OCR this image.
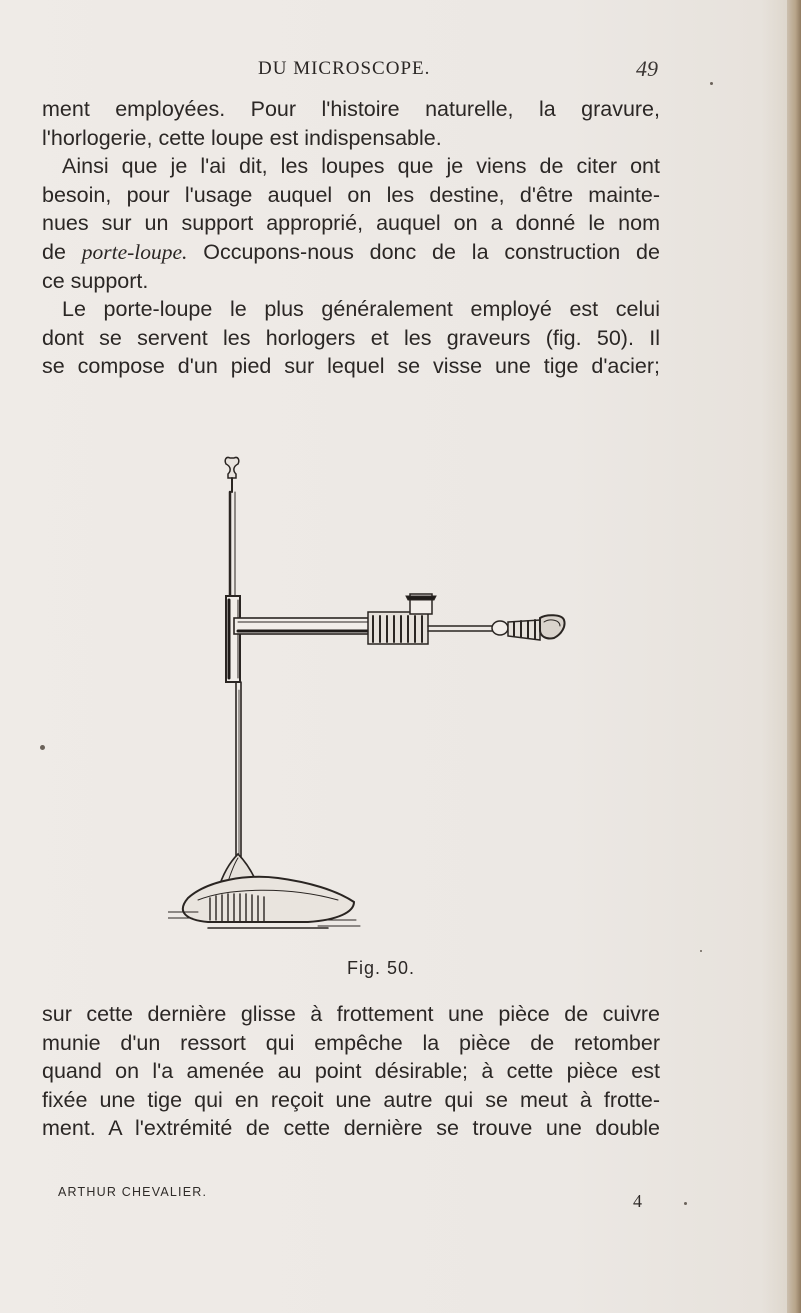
DU MICROSCOPE.	49
ment employées. Pour l'histoire naturelle, la gravure,
l'horlogerie, cette loupe est indispensable.
Ainsi que je l'ai dit, les loupes que je viens de citer ont
besoin, pour l'usage auquel on les destine, d'être mainte-
nues sur un support approprié, auquel on a donné le nom
de porte-loupe. Occupons-nous donc de la construction de
ce support.
Le porte-loupe le plus généralement employé est celui
dont se servent les horlogers et les graveurs (fig. 50). Il
se compose d'un pied sur lequel se visse une tige d'acier;
Fig. 50.
sur cette dernière glisse à frottement une pièce de cuivre
munie d'un ressort qui empêche la pièce de retomber
quand on l'a amenée au point désirable; à cette pièce est
fixée une tige qui en reçoit une autre qui se meut à frotte-
ment. A l'extrémité de cette dernière se trouve une double
ARTHUR CHEVALIER.	4
